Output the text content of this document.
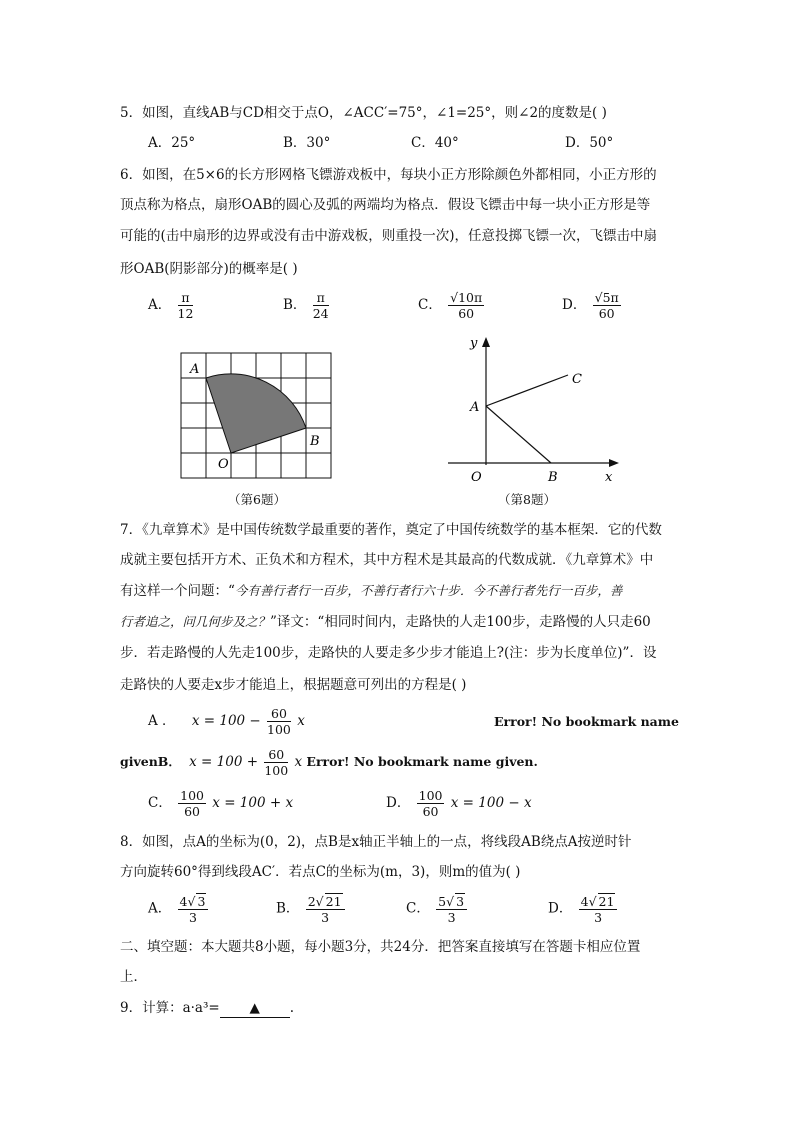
5．如图，直线AB与CD相交于点O，∠ACC′=75°，∠1=25°，则∠2的度数是( )
A．25°	B．30°	C．40°	D．50°
6．如图，在5×6的长方形网格飞镖游戏板中，每块小正方形除颜色外都相同，小正方形的
顶点称为格点，扇形OAB的圆心及弧的两端均为格点．假设飞镖击中每一块小正方形是等
可能的(击中扇形的边界或没有击中游戏板，则重投一次)，任意投掷飞镖一次，飞镖击中扇
形OAB(阴影部分)的概率是( )
A． $\frac{\pi}{12}$	B． $\frac{\pi}{24}$	C． $\frac{√10\pi}{60}$	D． $\frac{√5\pi}{60}$
A
B
O
（第6题）
y
A
C
O	B	x
（第8题）
7．《九章算术》是中国传统数学最重要的著作，奠定了中国传统数学的基本框架．它的代数
成就主要包括开方术、正负术和方程术，其中方程术是其最高的代数成就．《九章算术》中
有这样一个问题：“今有善行者行一百步，不善行者行六十步．今不善行者先行一百步，善
行者追之，问几何步及之？”译文：“相同时间内，走路快的人走100步，走路慢的人只走60
步．若走路慢的人先走100步，走路快的人要走多少步才能追上?(注：步为长度单位)”．设
走路快的人要走x步才能追上，根据题意可列出的方程是( )
A ． $x = 100 - \frac{60}{100}$ x	Error! No bookmark name
givenB． $x = 100 + \frac{60}{100}$ x Error! No bookmark name given.
C． $\frac{100}{60}$ x = 100 + x	D． $\frac{100}{60}$ x = 100 − x
8．如图，点A的坐标为(0，2)，点B是x轴正半轴上的一点，将线段AB绕点A按逆时针
方向旋转60°得到线段AC′．若点C的坐标为(m，3)，则m的值为( )
A． $\frac{4√ 3}{3}$	B． $\frac{2√ 21}{3}$	C． $\frac{5√ 3}{3}$	D． $\frac{4√ 21}{3}$
二、填空题：本大题共8小题，每小题3分，共24分．把答案直接填写在答题卡相应位置
上．
9．计算：a·a³= ▲ .
